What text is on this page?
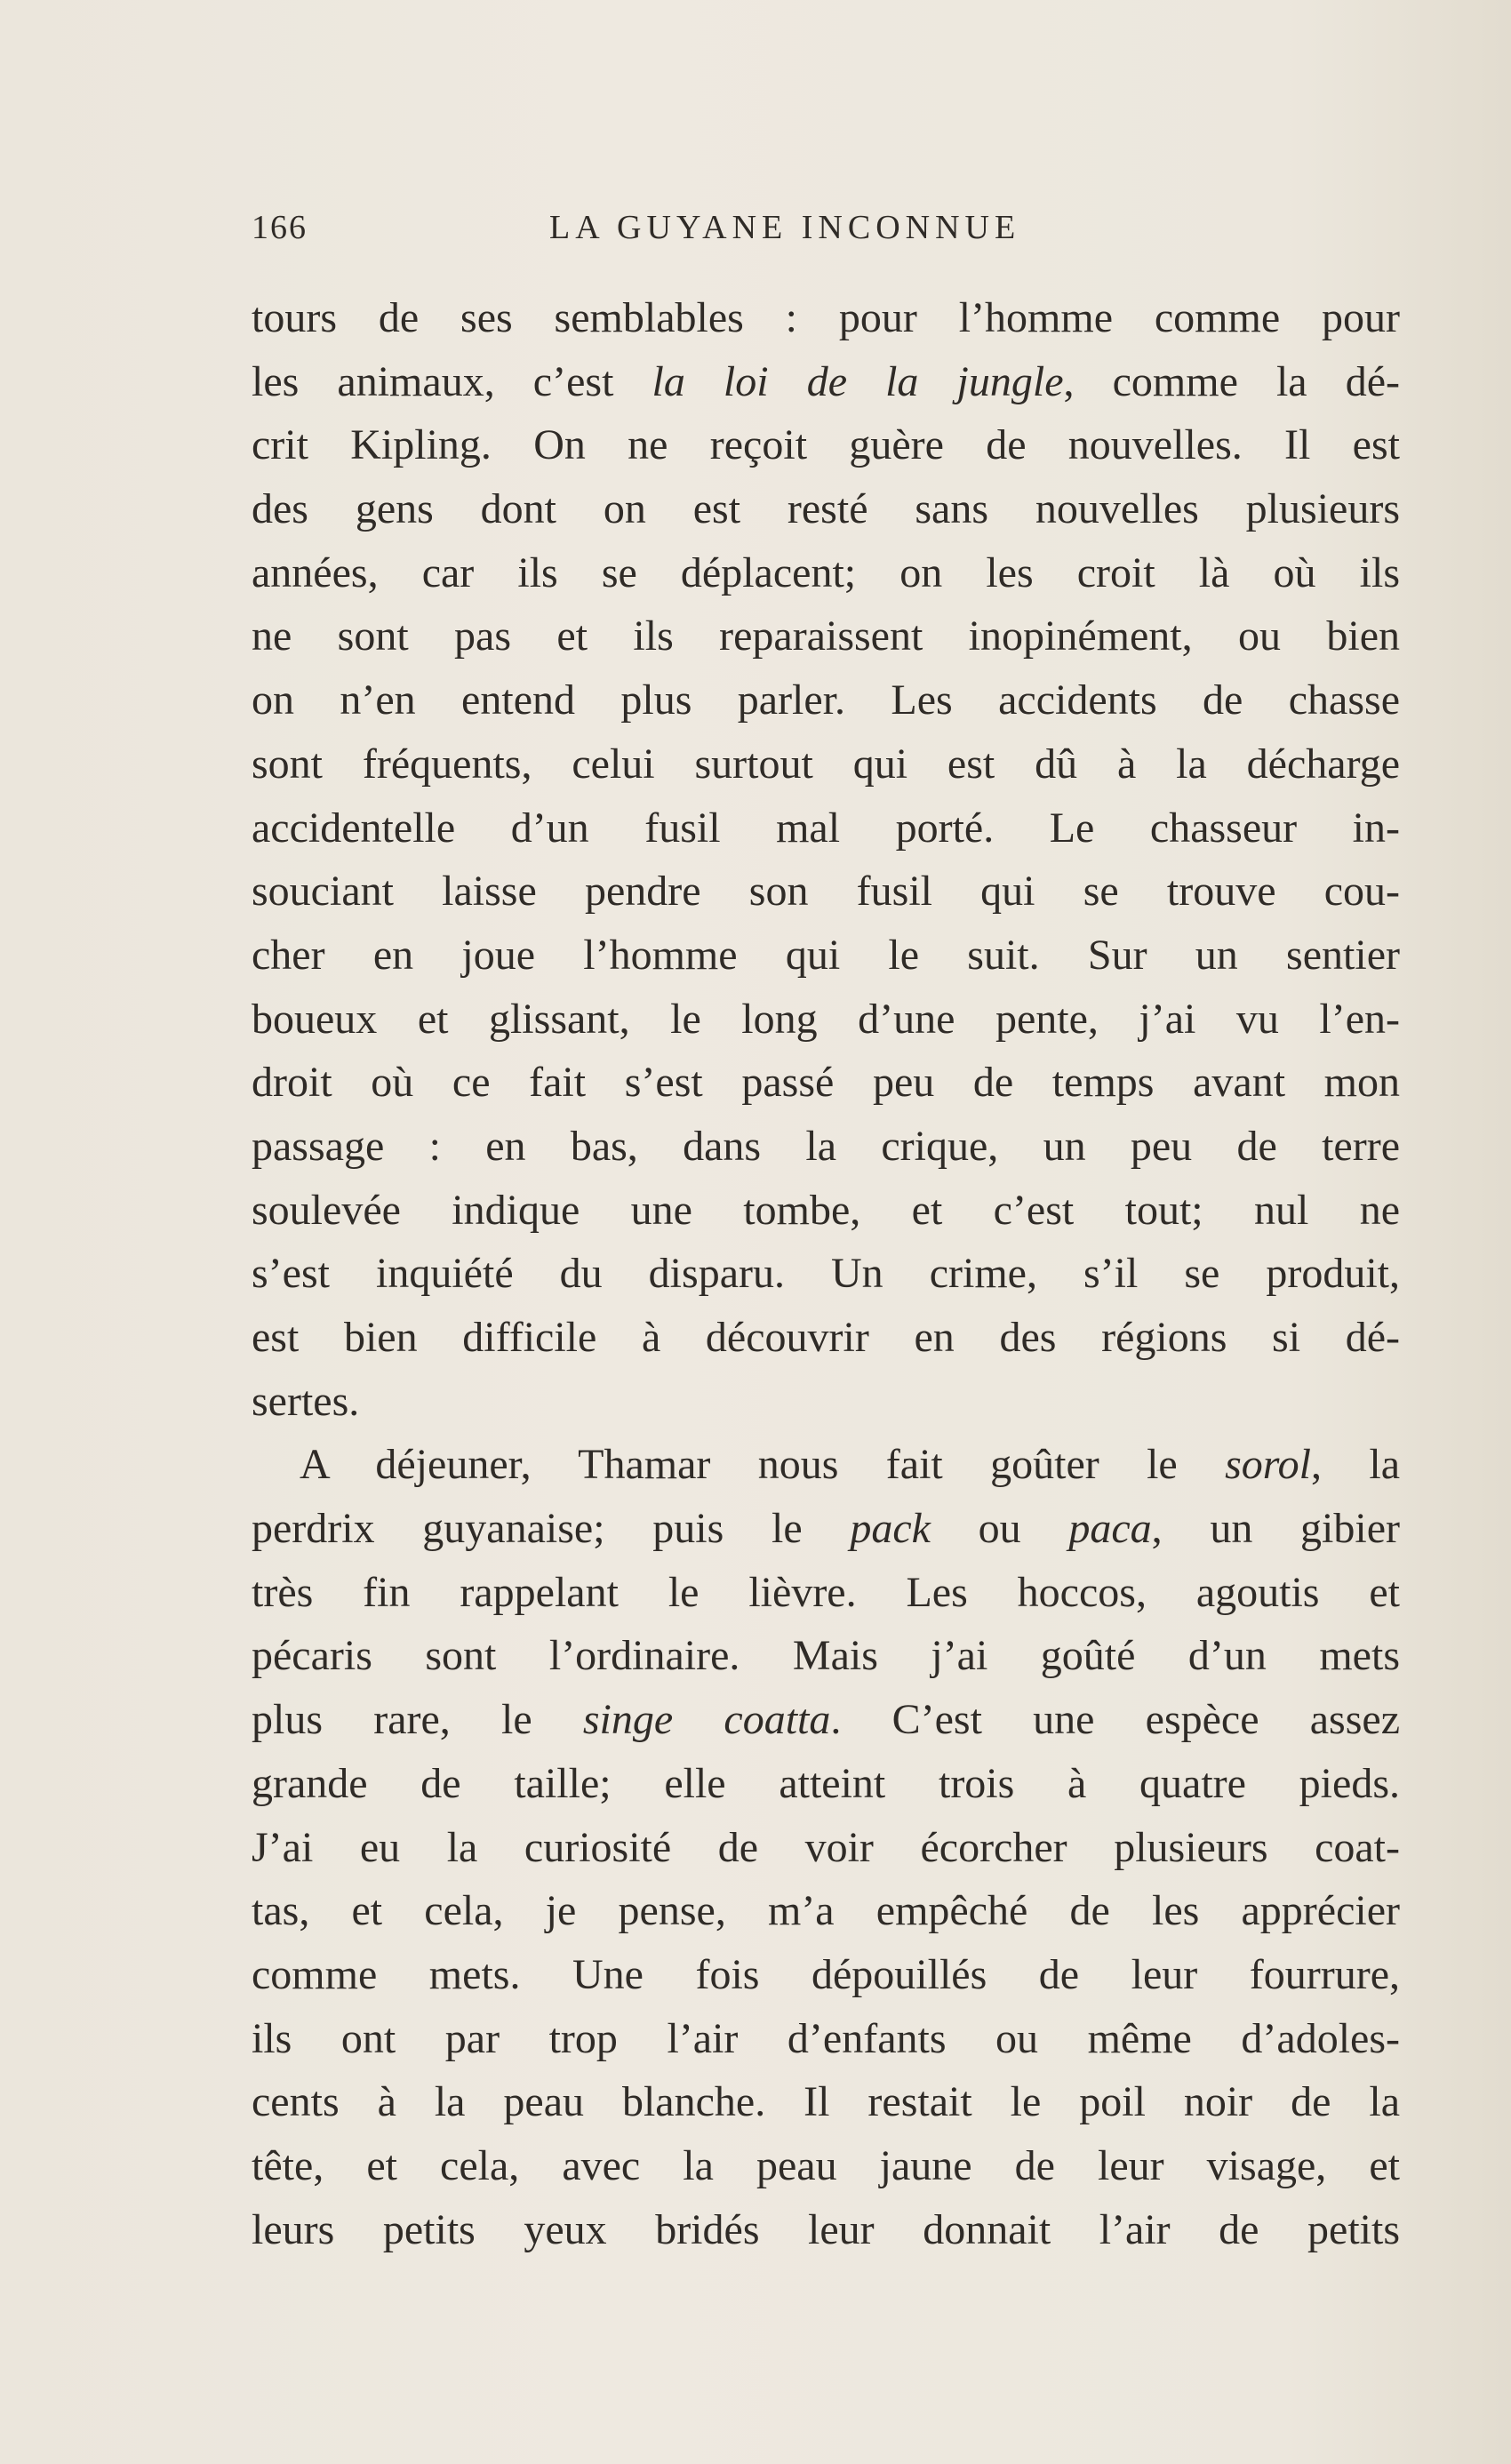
166	LA GUYANE INCONNUE
tours de ses semblables : pour l’homme comme pour
les animaux, c’est la loi de la jungle, comme la dé-
crit Kipling. On ne reçoit guère de nouvelles. Il est
des gens dont on est resté sans nouvelles plusieurs
années, car ils se déplacent; on les croit là où ils
ne sont pas et ils reparaissent inopinément, ou bien
on n’en entend plus parler. Les accidents de chasse
sont fréquents, celui surtout qui est dû à la décharge
accidentelle d’un fusil mal porté. Le chasseur in-
souciant laisse pendre son fusil qui se trouve cou-
cher en joue l’homme qui le suit. Sur un sentier
boueux et glissant, le long d’une pente, j’ai vu l’en-
droit où ce fait s’est passé peu de temps avant mon
passage : en bas, dans la crique, un peu de terre
soulevée indique une tombe, et c’est tout; nul ne
s’est inquiété du disparu. Un crime, s’il se produit,
est bien difficile à découvrir en des régions si dé-
sertes.
A déjeuner, Thamar nous fait goûter le sorol, la
perdrix guyanaise; puis le pack ou paca, un gibier
très fin rappelant le lièvre. Les hoccos, agoutis et
pécaris sont l’ordinaire. Mais j’ai goûté d’un mets
plus rare, le singe coatta. C’est une espèce assez
grande de taille; elle atteint trois à quatre pieds.
J’ai eu la curiosité de voir écorcher plusieurs coat-
tas, et cela, je pense, m’a empêché de les apprécier
comme mets. Une fois dépouillés de leur fourrure,
ils ont par trop l’air d’enfants ou même d’adoles-
cents à la peau blanche. Il restait le poil noir de la
tête, et cela, avec la peau jaune de leur visage, et
leurs petits yeux bridés leur donnait l’air de petits
